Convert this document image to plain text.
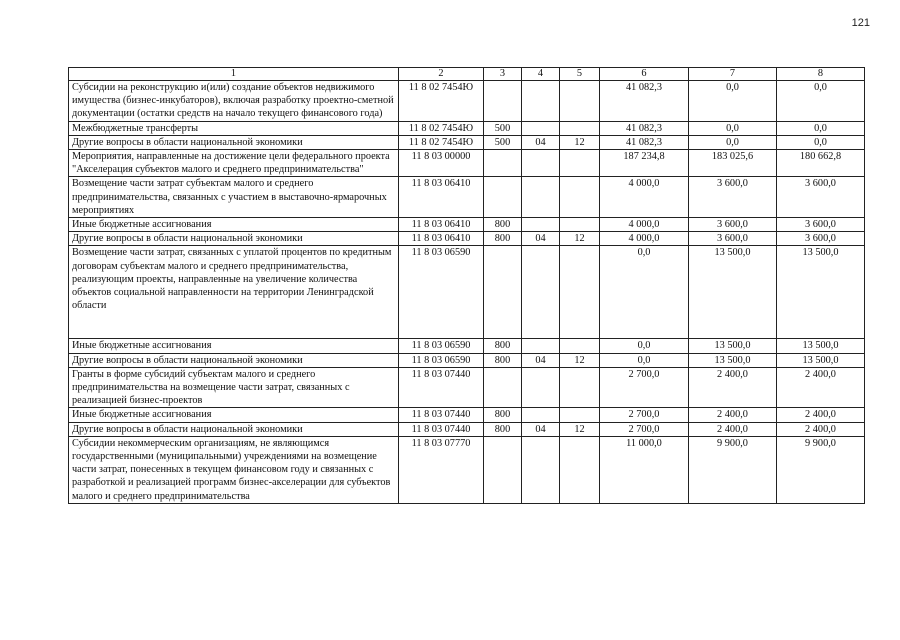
121
1	2	3	4	5	6	7	8
Субсидии на реконструкцию и(или) создание объектов недвижимого имущества (бизнес-инкубаторов), включая разработку проектно-сметной документации (остатки средств на начало текущего финансового года)	11 8 02 7454Ю				41 082,3	0,0	0,0
Межбюджетные трансферты	11 8 02 7454Ю	500			41 082,3	0,0	0,0
Другие вопросы в области национальной экономики	11 8 02 7454Ю	500	04	12	41 082,3	0,0	0,0
Мероприятия, направленные на достижение цели федерального проекта "Акселерация субъектов малого и среднего предпринимательства"	11 8 03 00000				187 234,8	183 025,6	180 662,8
Возмещение части затрат субъектам малого и среднего предпринимательства, связанных с участием в выставочно-ярмарочных мероприятиях	11 8 03 06410				4 000,0	3 600,0	3 600,0
Иные бюджетные ассигнования	11 8 03 06410	800			4 000,0	3 600,0	3 600,0
Другие вопросы в области национальной экономики	11 8 03 06410	800	04	12	4 000,0	3 600,0	3 600,0
Возмещение части затрат, связанных с уплатой процентов по кредитным договорам субъектам малого и среднего предпринимательства, реализующим проекты, направленные на увеличение количества объектов социальной направленности на территории Ленинградской области	11 8 03 06590				0,0	13 500,0	13 500,0
Иные бюджетные ассигнования	11 8 03 06590	800			0,0	13 500,0	13 500,0
Другие вопросы в области национальной экономики	11 8 03 06590	800	04	12	0,0	13 500,0	13 500,0
Гранты в форме субсидий субъектам малого и среднего предпринимательства на возмещение части затрат, связанных с реализацией бизнес-проектов	11 8 03 07440				2 700,0	2 400,0	2 400,0
Иные бюджетные ассигнования	11 8 03 07440	800			2 700,0	2 400,0	2 400,0
Другие вопросы в области национальной экономики	11 8 03 07440	800	04	12	2 700,0	2 400,0	2 400,0
Субсидии некоммерческим организациям, не являющимся государственными (муниципальными) учреждениями на возмещение части затрат, понесенных в текущем финансовом году и связанных с разработкой и реализацией программ бизнес-акселерации для субъектов малого и среднего предпринимательства	11 8 03 07770				11 000,0	9 900,0	9 900,0
